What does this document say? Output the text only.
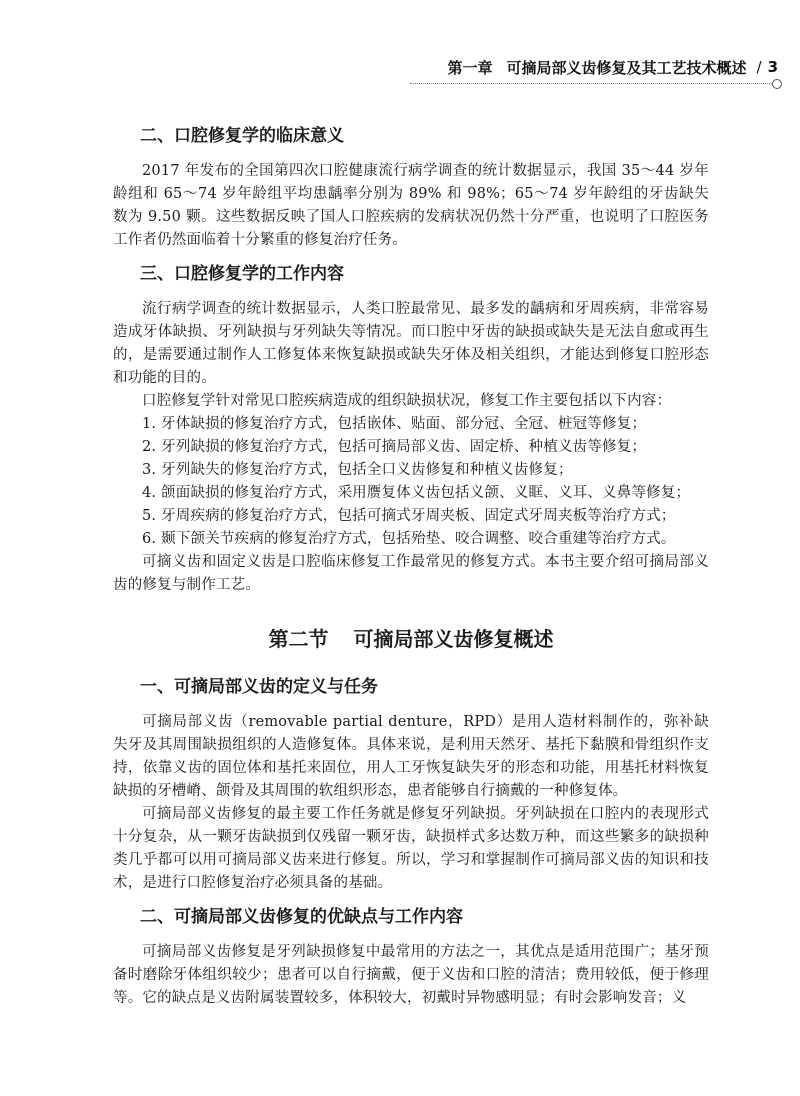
第一章 可摘局部义齿修复及其工艺技术概述 / 3
二、口腔修复学的临床意义

2017 年发布的全国第四次口腔健康流行病学调查的统计数据显示，我国 35～44 岁年龄组和 65～74 岁年龄组平均患龋率分别为 89% 和 98%；65～74 岁年龄组的牙齿缺失数为 9.50 颗。这些数据反映了国人口腔疾病的发病状况仍然十分严重，也说明了口腔医务工作者仍然面临着十分繁重的修复治疗任务。

三、口腔修复学的工作内容

流行病学调查的统计数据显示，人类口腔最常见、最多发的龋病和牙周疾病，非常容易造成牙体缺损、牙列缺损与牙列缺失等情况。而口腔中牙齿的缺损或缺失是无法自愈或再生的，是需要通过制作人工修复体来恢复缺损或缺失牙体及相关组织，才能达到修复口腔形态和功能的目的。

口腔修复学针对常见口腔疾病造成的组织缺损状况，修复工作主要包括以下内容：

1. 牙体缺损的修复治疗方式，包括嵌体、贴面、部分冠、全冠、桩冠等修复；

2. 牙列缺损的修复治疗方式，包括可摘局部义齿、固定桥、种植义齿等修复；

3. 牙列缺失的修复治疗方式，包括全口义齿修复和种植义齿修复；

4. 颌面缺损的修复治疗方式，采用赝复体义齿包括义颌、义眶、义耳、义鼻等修复；

5. 牙周疾病的修复治疗方式，包括可摘式牙周夹板、固定式牙周夹板等治疗方式；

6. 颞下颌关节疾病的修复治疗方式，包括殆垫、咬合调整、咬合重建等治疗方式。

可摘义齿和固定义齿是口腔临床修复工作最常见的修复方式。本书主要介绍可摘局部义齿的修复与制作工艺。

第二节 可摘局部义齿修复概述
一、可摘局部义齿的定义与任务

可摘局部义齿（removable partial denture，RPD）是用人造材料制作的，弥补缺失牙及其周围缺损组织的人造修复体。具体来说，是利用天然牙、基托下黏膜和骨组织作支持，依靠义齿的固位体和基托来固位，用人工牙恢复缺失牙的形态和功能，用基托材料恢复缺损的牙槽嵴、颌骨及其周围的软组织形态，患者能够自行摘戴的一种修复体。

可摘局部义齿修复的最主要工作任务就是修复牙列缺损。牙列缺损在口腔内的表现形式十分复杂，从一颗牙齿缺损到仅残留一颗牙齿，缺损样式多达数万种，而这些繁多的缺损种类几乎都可以用可摘局部义齿来进行修复。所以，学习和掌握制作可摘局部义齿的知识和技术，是进行口腔修复治疗必须具备的基础。

二、可摘局部义齿修复的优缺点与工作内容

可摘局部义齿修复是牙列缺损修复中最常用的方法之一，其优点是适用范围广；基牙预备时磨除牙体组织较少；患者可以自行摘戴，便于义齿和口腔的清洁；费用较低，便于修理等。它的缺点是义齿附属装置较多，体积较大，初戴时异物感明显；有时会影响发音；义
